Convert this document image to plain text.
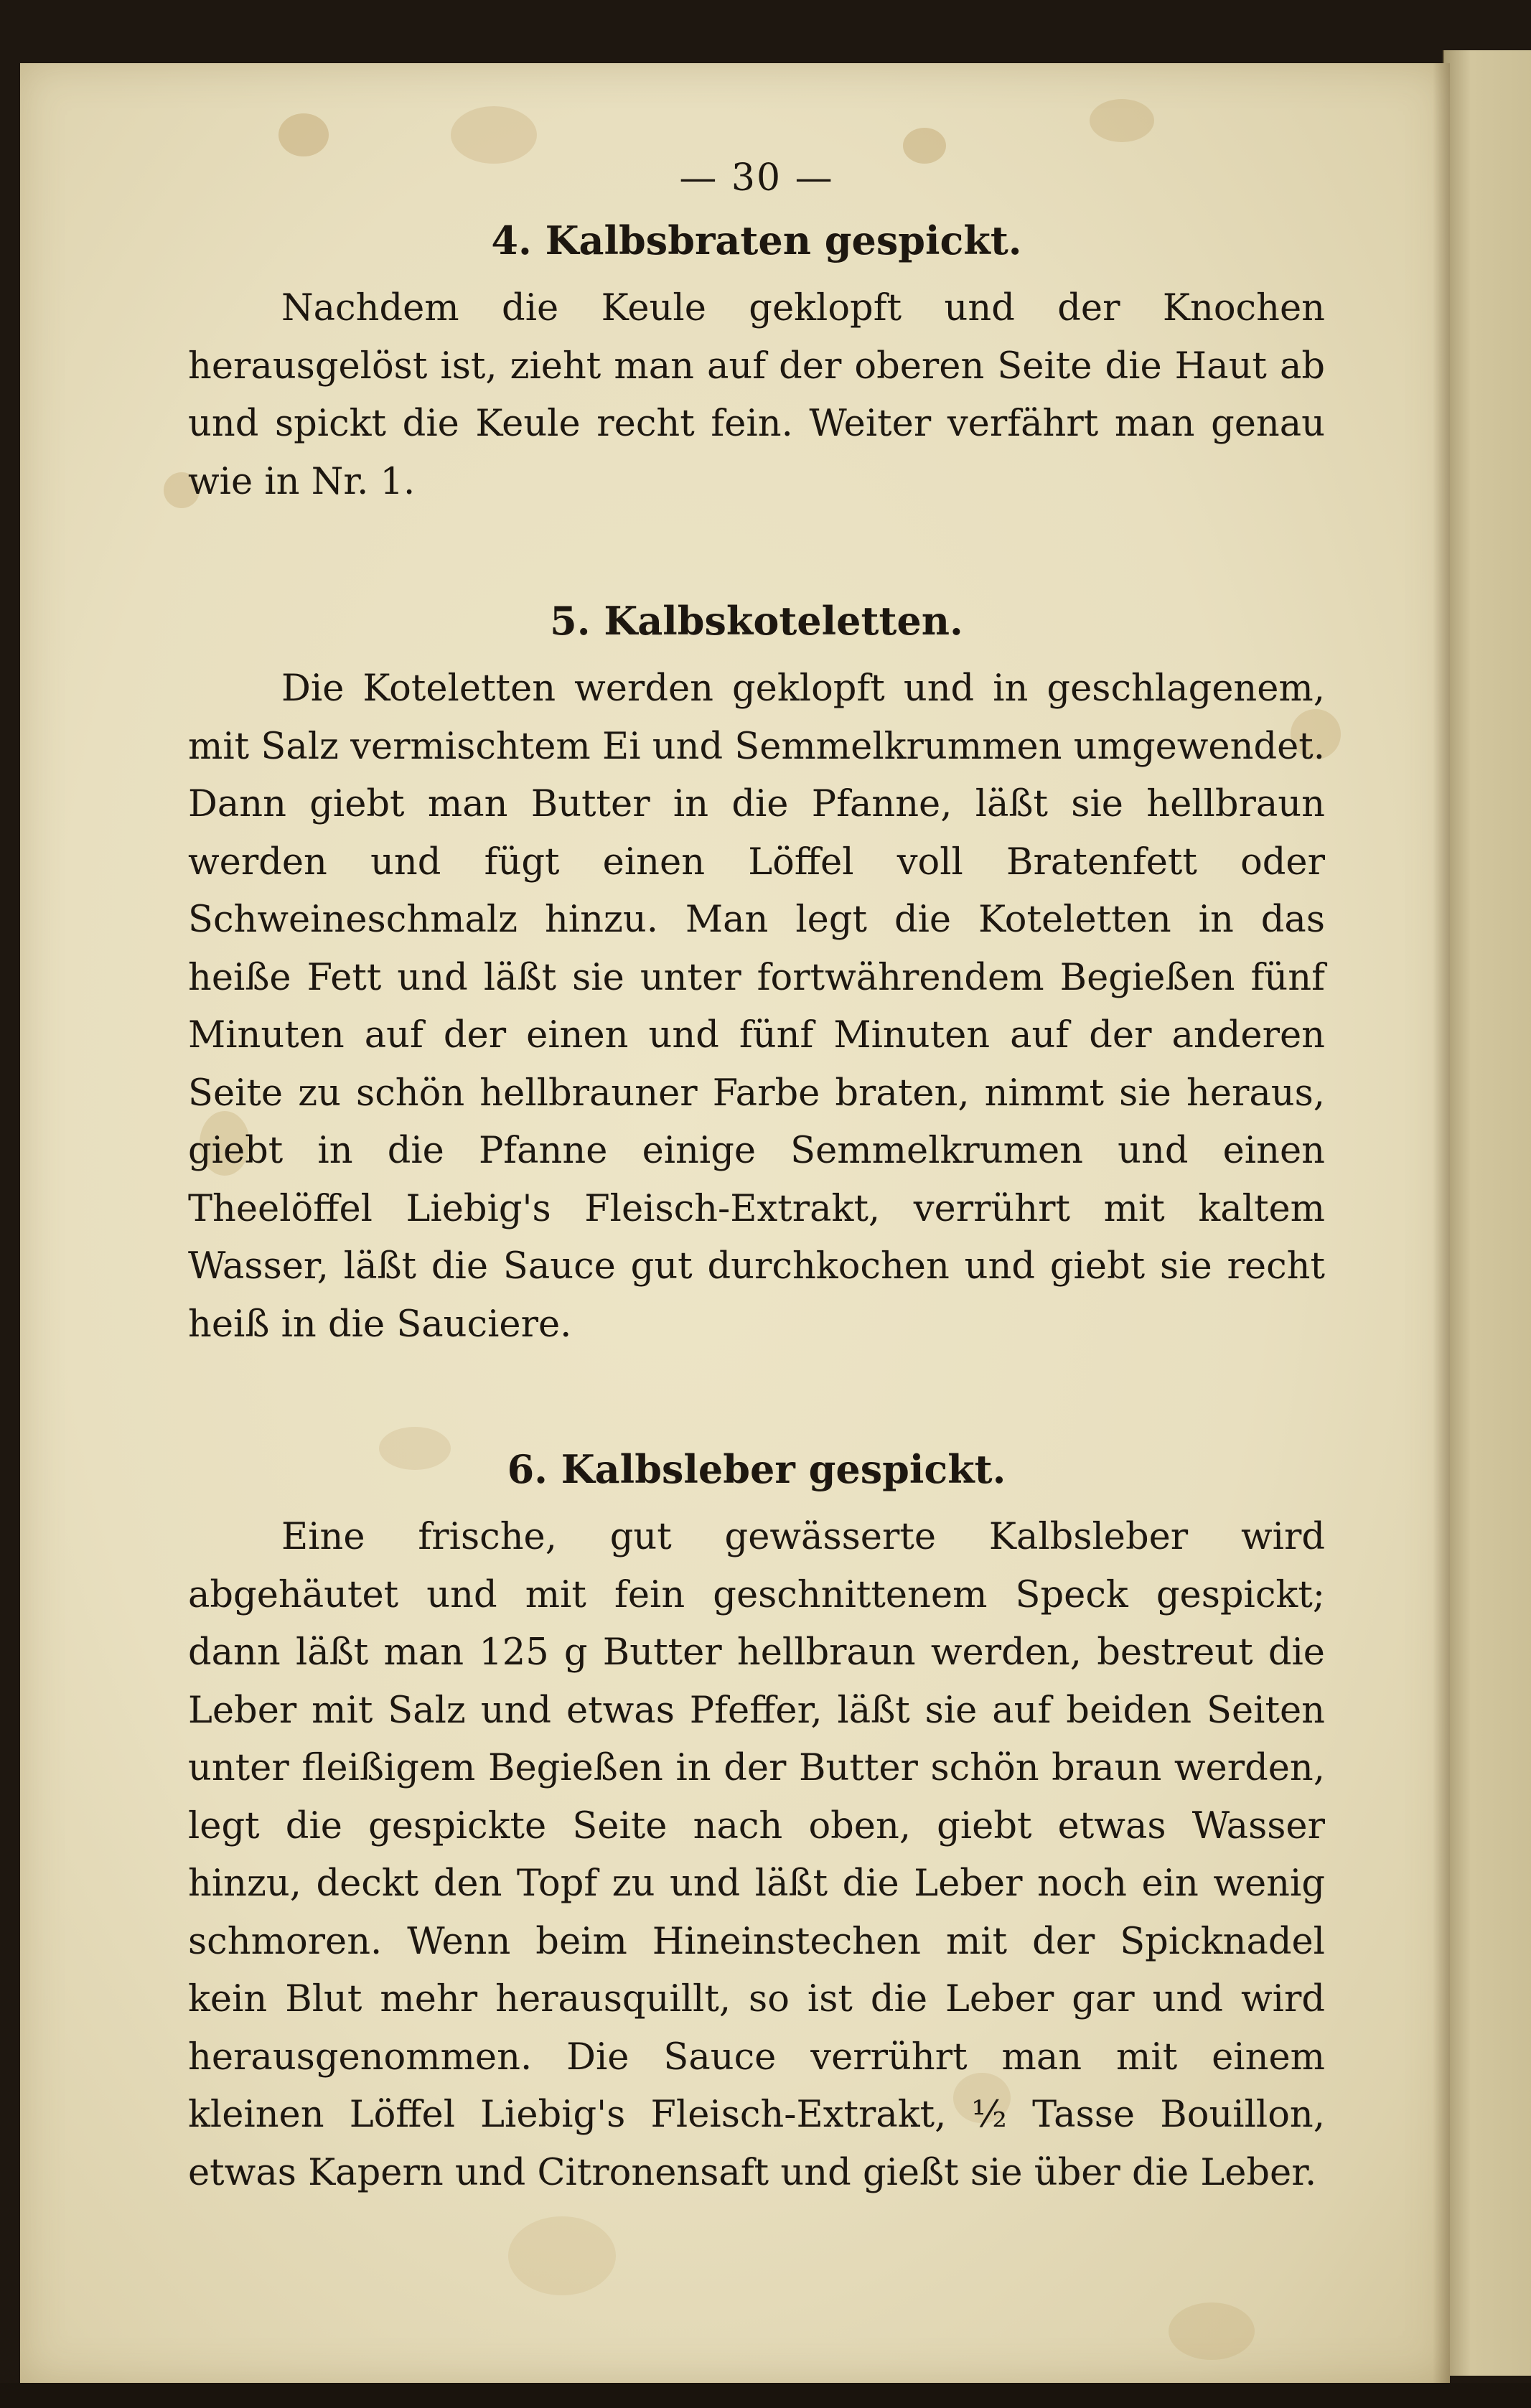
— 30 —
4. Kalbsbraten gespickt.

Nachdem die Keule geklopft und der Knochen herausgelöst ist, zieht man auf der oberen Seite die Haut ab und spickt die Keule recht fein. Weiter verfährt man genau wie in Nr. 1.

5. Kalbskoteletten.

Die Koteletten werden geklopft und in geschlagenem, mit Salz vermischtem Ei und Semmelkrummen umgewendet. Dann giebt man Butter in die Pfanne, läßt sie hellbraun werden und fügt einen Löffel voll Bratenfett oder Schweineschmalz hinzu. Man legt die Koteletten in das heiße Fett und läßt sie unter fortwährendem Begießen fünf Minuten auf der einen und fünf Minuten auf der anderen Seite zu schön hellbrauner Farbe braten, nimmt sie heraus, giebt in die Pfanne einige Semmelkrumen und einen Theelöffel Liebig's Fleisch-Extrakt, verrührt mit kaltem Wasser, läßt die Sauce gut durchkochen und giebt sie recht heiß in die Sauciere.

6. Kalbsleber gespickt.

Eine frische, gut gewässerte Kalbsleber wird abgehäutet und mit fein geschnittenem Speck gespickt; dann läßt man 125 g Butter hellbraun werden, bestreut die Leber mit Salz und etwas Pfeffer, läßt sie auf beiden Seiten unter fleißigem Begießen in der Butter schön braun werden, legt die gespickte Seite nach oben, giebt etwas Wasser hinzu, deckt den Topf zu und läßt die Leber noch ein wenig schmoren. Wenn beim Hineinstechen mit der Spicknadel kein Blut mehr herausquillt, so ist die Leber gar und wird herausgenommen. Die Sauce verrührt man mit einem kleinen Löffel Liebig's Fleisch-Extrakt, ½ Tasse Bouillon, etwas Kapern und Citronensaft und gießt sie über die Leber.
